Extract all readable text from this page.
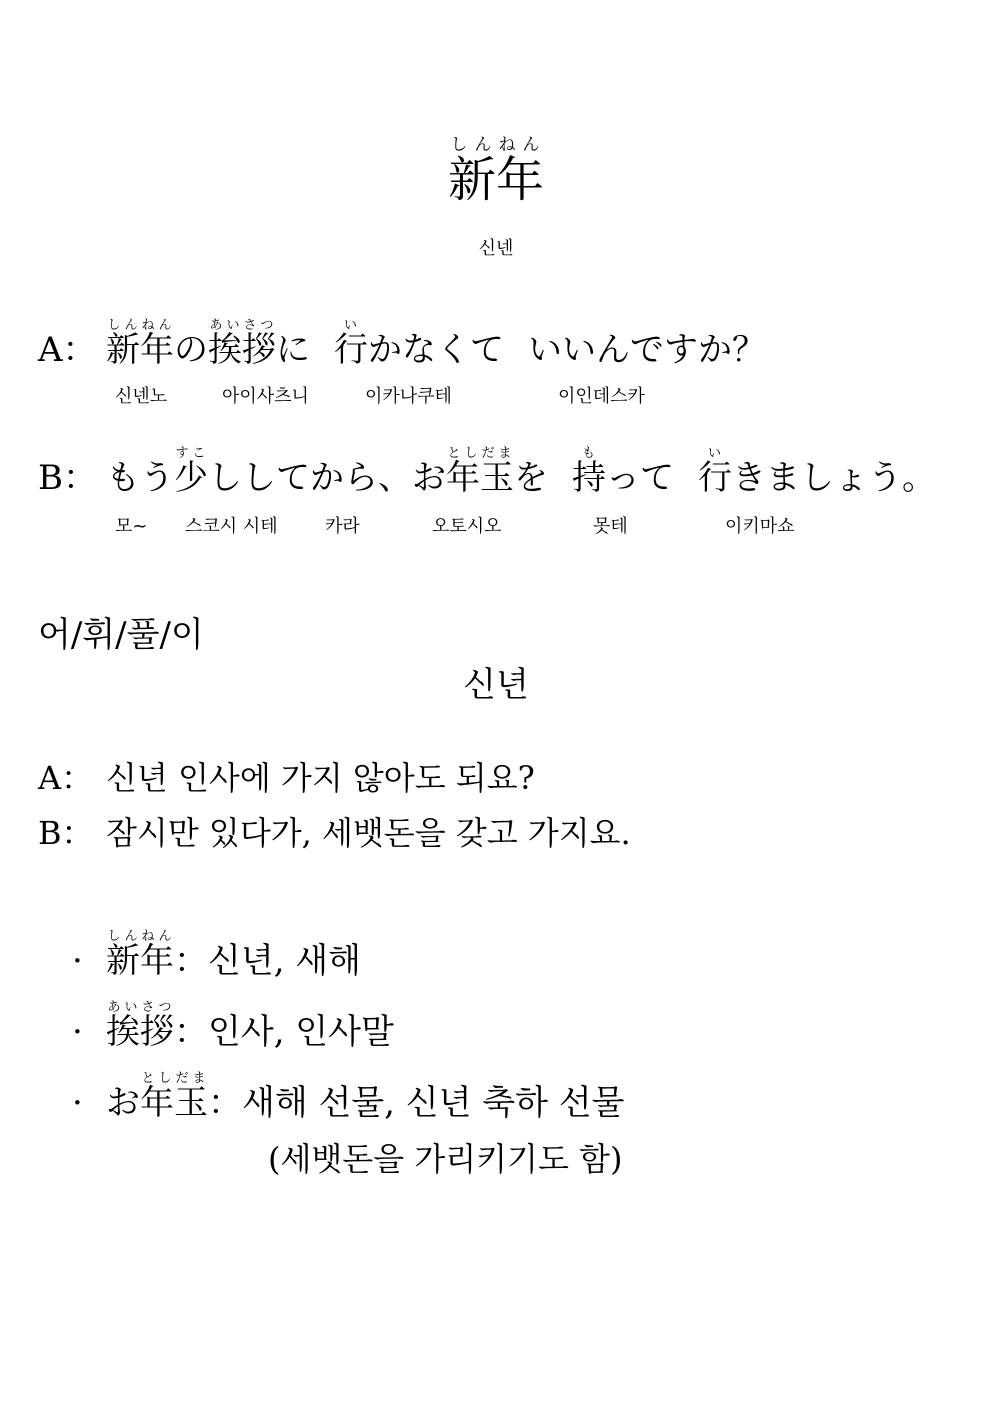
新年しんねん
신넨
A： 新年しんねんの挨拶あいさつに 行いかなくて いいんですか？
신넨노	아이사츠니	이카나쿠테	이인데스카
B： もう少すこししてから、お年玉としだまを 持もって 行いきましょう。
모~ 스코시 시테	카라	오토시오	못테	이키마쇼
어/휘/풀/이
신년
A： 신년 인사에 가지 않아도 되요?
B： 잠시만 있다가, 세뱃돈을 갖고 가지요.
· 新年しんねん：신년, 새해
· 挨拶あいさつ：인사, 인사말
· お年玉としだま：새해 선물, 신년 축하 선물
(세뱃돈을 가리키기도 함)
